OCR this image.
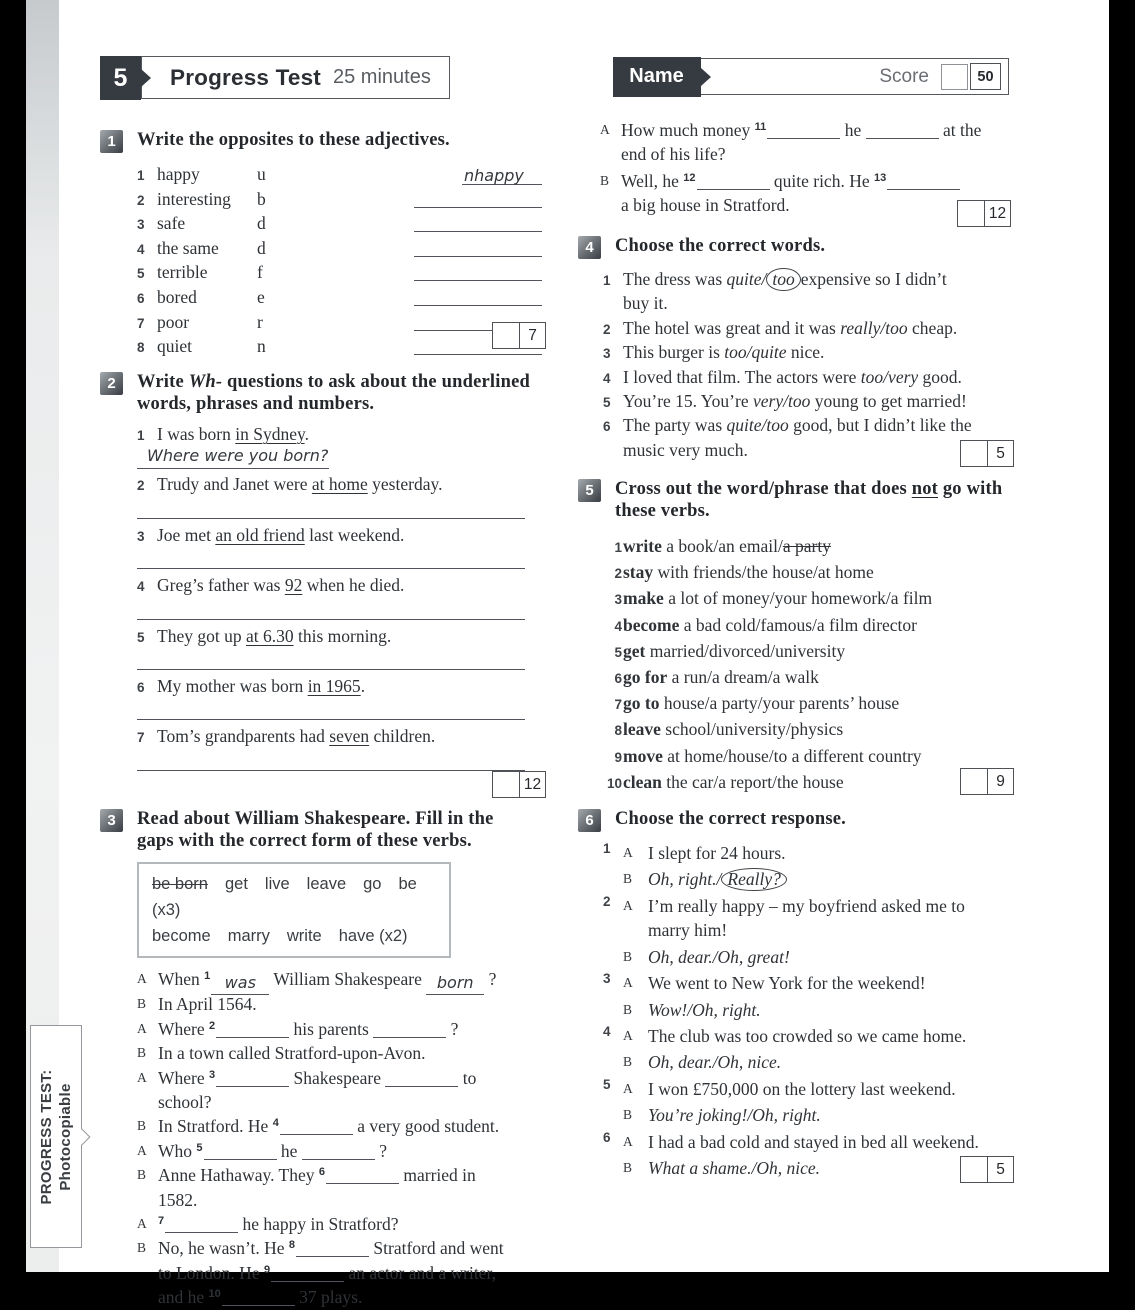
PROGRESS TEST: Photocopiable
5	Progress Test 25 minutes	Name	Score	50
1	Write the opposites to these adjectives.
1 happy	u	nhappy
2 interesting	b
3 safe	d
4 the same	d
5 terrible	f
6 bored	e
7 poor	r
8 quiet	n
7
2	Write Wh- questions to ask about the underlined words, phrases and numbers.
1 I was born in Sydney.
Where were you born?
2 Trudy and Janet were at home yesterday.
3 Joe met an old friend last weekend.
4 Greg’s father was 92 when he died.
5 They got up at 6.30 this morning.
6 My mother was born in 1965.
7 Tom’s grandparents had seven children.
12
3	Read about William Shakespeare. Fill in the gaps with the correct form of these verbs.
be born get live leave go be (x3)
become marry write have (x2)
A When $^1$ was William Shakespeare born ?
B In April 1564.
A Where $^2$	his parents	?
B In a town called Stratford-upon-Avon.
A Where $^3$	Shakespeare	to
school?
B In Stratford. He $^4$	a very good student.
A Who $^5$	he	?
B Anne Hathaway. They $^6$	married in
1582.
A	$^7$	he happy in Stratford?
B No, he wasn’t. He $^8$	Stratford and went
to London. He $^9$	an actor and a writer,
and he $^{10}$	37 plays.
A How much money $^{11}$	he	at the
end of his life?
B Well, he $^{12}$	quite rich. He $^{13}$
a big house in Stratford.	12
4	Choose the correct words.
1 The dress was quite/ too expensive so I didn’t
buy it.
2 The hotel was great and it was really/too cheap.
3 This burger is too/quite nice.
4 I loved that film. The actors were too/very good.
5 You’re 15. You’re very/too young to get married!
6 The party was quite/too good, but I didn’t like the
music very much.	5
5	Cross out the word/phrase that does not go with these verbs.
1 write a book/an email/a party
2 stay with friends/the house/at home
3 make a lot of money/your homework/a film
4 become a bad cold/famous/a film director
5 get married/divorced/university
6 go for a run/a dream/a walk
7 go to house/a party/your parents’ house
8 leave school/university/physics
9 move at home/house/to a different country
10 clean the car/a report/the house	9
6	Choose the correct response.
1 A I slept for 24 hours.
B Oh, right./ Really?
2 A I’m really happy – my boyfriend asked me to
marry him!
B Oh, dear./Oh, great!
3 A We went to New York for the weekend!
B Wow!/Oh, right.
4 A The club was too crowded so we came home.
B Oh, dear./Oh, nice.
5 A I won £750,000 on the lottery last weekend.
B You’re joking!/Oh, right.
6 A I had a bad cold and stayed in bed all weekend.
B What a shame./Oh, nice.	5
